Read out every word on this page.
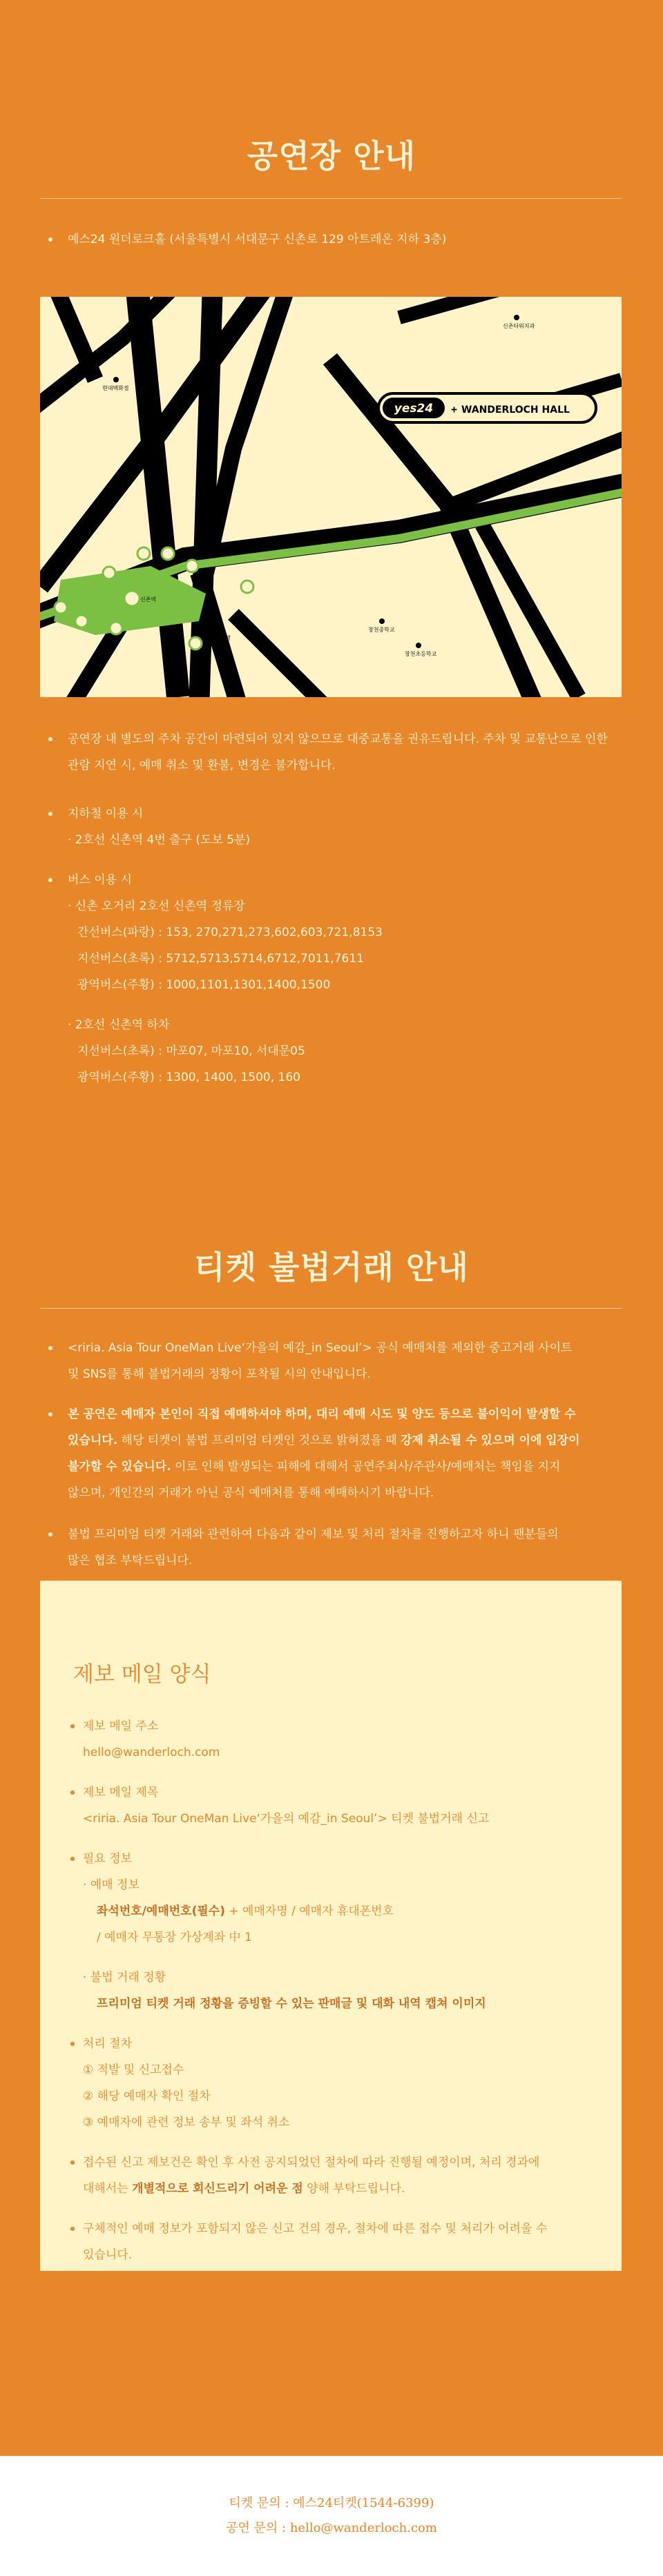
공연장 안내
예스24 원더로크홀 (서울특별시 서대문구 신촌로 129 아트레온 지하 3층)
신촌타워치과
현대백화점
신촌역
우리은행
창천중학교
창천초등학교
yes24 + WANDERLOCH HALL
공연장 내 별도의 주차 공간이 마련되어 있지 않으므로 대중교통을 권유드립니다. 주차 및 교통난으로 인한 관람 지연 시, 예매 취소 및 환불, 변경은 불가합니다.
지하철 이용 시
· 2호선 신촌역 4번 출구 (도보 5분)
버스 이용 시
· 신촌 오거리 2호선 신촌역 정류장
간선버스(파랑) : 153, 270,271,273,602,603,721,8153
지선버스(초록) : 5712,5713,5714,6712,7011,7611
광역버스(주황) : 1000,1101,1301,1400,1500
· 2호선 신촌역 하차
지선버스(초록) : 마포07, 마포10, 서대문05
광역버스(주황) : 1300, 1400, 1500, 160
티켓 불법거래 안내
<riria. Asia Tour OneMan Live‘가을의 예감_in Seoul’> 공식 예매처를 제외한 중고거래 사이트
및 SNS를 통해 불법거래의 정황이 포착될 시의 안내입니다.
본 공연은 예매자 본인이 직접 예매하셔야 하며, 대리 예매 시도 및 양도 등으로 불이익이 발생할 수
있습니다. 해당 티켓이 불법 프리미엄 티켓인 것으로 밝혀졌을 때 강제 취소될 수 있으며 이에 입장이
불가할 수 있습니다. 이로 인해 발생되는 피해에 대해서 공연주최사/주관사/예매처는 책임을 지지
않으며, 개인간의 거래가 아닌 공식 예매처를 통해 예매하시기 바랍니다.
불법 프리미엄 티켓 거래와 관련하여 다음과 같이 제보 및 처리 절차를 진행하고자 하니 팬분들의
많은 협조 부탁드립니다.
제보 메일 양식
제보 메일 주소
hello@wanderloch.com
제보 메일 제목
<riria. Asia Tour OneMan Live‘가을의 예감_in Seoul’> 티켓 불법거래 신고
필요 정보
· 예매 정보
좌석번호/예매번호(필수) + 예매자명 / 예매자 휴대폰번호
/ 예매자 무통장 가상계좌 中 1
· 불법 거래 정황
프리미엄 티켓 거래 정황을 증빙할 수 있는 판매글 및 대화 내역 캡쳐 이미지
처리 절차
① 적발 및 신고접수
② 해당 예매자 확인 절차
③ 예매자에 관련 정보 송부 및 좌석 취소
접수된 신고 제보건은 확인 후 사전 공지되었던 절차에 따라 진행될 예정이며, 처리 경과에
대해서는 개별적으로 회신드리기 어려운 점 양해 부탁드립니다.
구체적인 예매 정보가 포함되지 않은 신고 건의 경우, 절차에 따른 접수 및 처리가 어려울 수
있습니다.
티켓 문의 : 예스24티켓(1544-6399)
공연 문의 : hello@wanderloch.com
